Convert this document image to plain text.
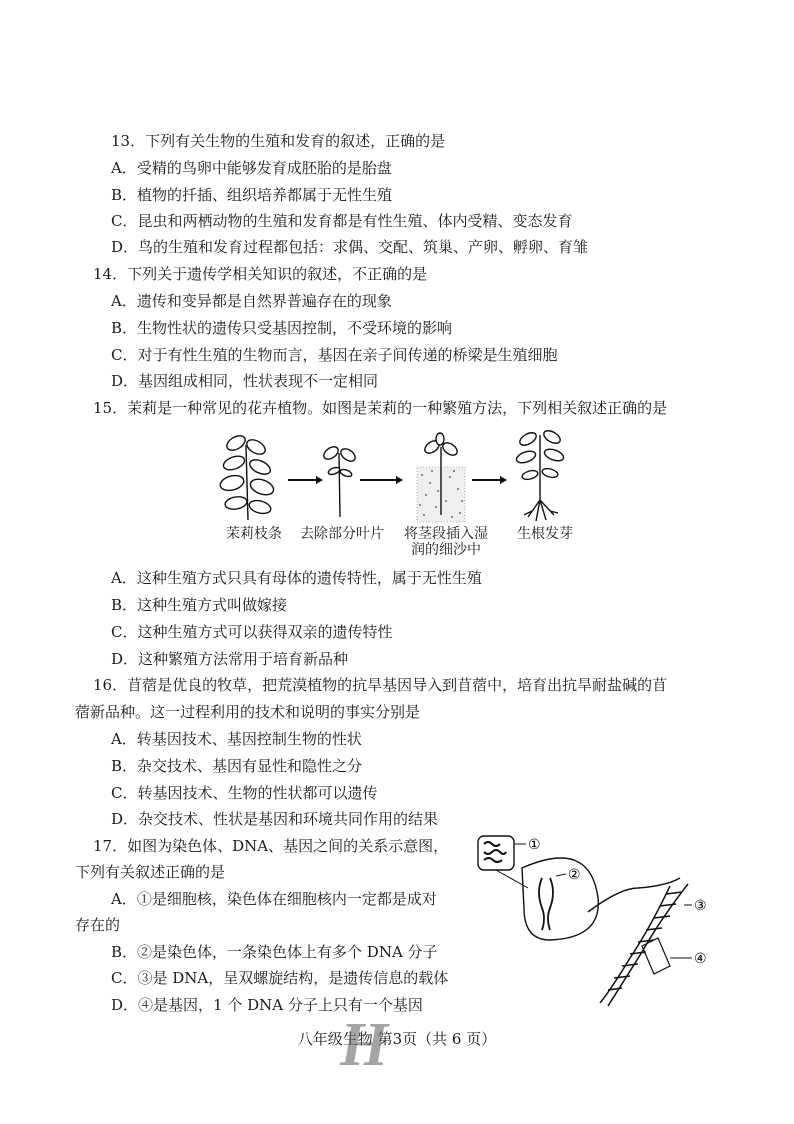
13．下列有关生物的生殖和发育的叙述，正确的是
A．受精的鸟卵中能够发育成胚胎的是胎盘
B．植物的扦插、组织培养都属于无性生殖
C．昆虫和两栖动物的生殖和发育都是有性生殖、体内受精、变态发育
D．鸟的生殖和发育过程都包括：求偶、交配、筑巢、产卵、孵卵、育雏
14．下列关于遗传学相关知识的叙述，不正确的是
A．遗传和变异都是自然界普遍存在的现象
B．生物性状的遗传只受基因控制，不受环境的影响
C．对于有性生殖的生物而言，基因在亲子间传递的桥梁是生殖细胞
D．基因组成相同，性状表现不一定相同
15．茉莉是一种常见的花卉植物。如图是茉莉的一种繁殖方法，下列相关叙述正确的是
茉莉枝条	去除部分叶片	将茎段插入湿
润的细沙中
生根发芽
A．这种生殖方式只具有母体的遗传特性，属于无性生殖
B．这种生殖方式叫做嫁接
C．这种生殖方式可以获得双亲的遗传特性
D．这种繁殖方法常用于培育新品种
16．苜蓿是优良的牧草，把荒漠植物的抗旱基因导入到苜蓿中，培育出抗旱耐盐碱的苜
蓿新品种。这一过程利用的技术和说明的事实分别是
A．转基因技术、基因控制生物的性状
B．杂交技术、基因有显性和隐性之分
C．转基因技术、生物的性状都可以遗传
D．杂交技术、性状是基因和环境共同作用的结果
17．如图为染色体、DNA、基因之间的关系示意图，
下列有关叙述正确的是
A．①是细胞核，染色体在细胞核内一定都是成对
存在的
B．②是染色体，一条染色体上有多个 DNA 分子
C．③是 DNA，呈双螺旋结构，是遗传信息的载体
D．④是基因，1 个 DNA 分子上只有一个基因
①
②
③
④
八年级生物 第3页（共 6 页）
H
